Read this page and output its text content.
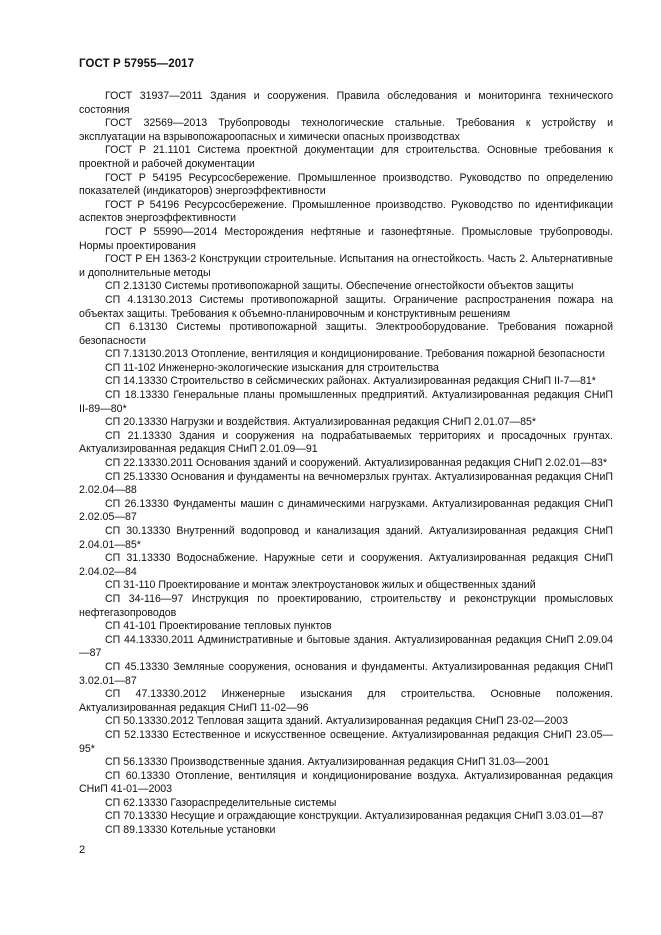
ГОСТ Р 57955—2017

ГОСТ 31937—2011 Здания и сооружения. Правила обследования и мониторинга технического состояния

ГОСТ 32569—2013 Трубопроводы технологические стальные. Требования к устройству и эксплуатации на взрывопожароопасных и химически опасных производствах

ГОСТ Р 21.1101 Система проектной документации для строительства. Основные требования к проектной и рабочей документации

ГОСТ Р 54195 Ресурсосбережение. Промышленное производство. Руководство по определению показателей (индикаторов) энергоэффективности

ГОСТ Р 54196 Ресурсосбережение. Промышленное производство. Руководство по идентификации аспектов энергоэффективности

ГОСТ Р 55990—2014 Месторождения нефтяные и газонефтяные. Промысловые трубопроводы. Нормы проектирования

ГОСТ Р ЕН 1363-2 Конструкции строительные. Испытания на огнестойкость. Часть 2. Альтернативные и дополнительные методы

СП 2.13130 Системы противопожарной защиты. Обеспечение огнестойкости объектов защиты

СП 4.13130.2013 Системы противопожарной защиты. Ограничение распространения пожара на объектах защиты. Требования к объемно-планировочным и конструктивным решениям

СП 6.13130 Системы противопожарной защиты. Электрооборудование. Требования пожарной безопасности

СП 7.13130.2013 Отопление, вентиляция и кондиционирование. Требования пожарной безопасности

СП 11-102 Инженерно-экологические изыскания для строительства

СП 14.13330 Строительство в сейсмических районах. Актуализированная редакция СНиП II-7—81*

СП 18.13330 Генеральные планы промышленных предприятий. Актуализированная редакция СНиП II-89—80*

СП 20.13330 Нагрузки и воздействия. Актуализированная редакция СНиП 2.01.07—85*

СП 21.13330 Здания и сооружения на подрабатываемых территориях и просадочных грунтах. Актуализированная редакция СНиП 2.01.09—91

СП 22.13330.2011 Основания зданий и сооружений. Актуализированная редакция СНиП 2.02.01—83*

СП 25.13330 Основания и фундаменты на вечномерзлых грунтах. Актуализированная редакция СНиП 2.02.04—88

СП 26.13330 Фундаменты машин с динамическими нагрузками. Актуализированная редакция СНиП 2.02.05—87

СП 30.13330 Внутренний водопровод и канализация зданий. Актуализированная редакция СНиП 2.04.01—85*

СП 31.13330 Водоснабжение. Наружные сети и сооружения. Актуализированная редакция СНиП 2.04.02—84

СП 31-110 Проектирование и монтаж электроустановок жилых и общественных зданий

СП 34-116—97 Инструкция по проектированию, строительству и реконструкции промысловых нефтегазопроводов

СП 41-101 Проектирование тепловых пунктов

СП 44.13330.2011 Административные и бытовые здания. Актуализированная редакция СНиП 2.09.04—87

СП 45.13330 Земляные сооружения, основания и фундаменты. Актуализированная редакция СНиП 3.02.01—87

СП 47.13330.2012 Инженерные изыскания для строительства. Основные положения. Актуализированная редакция СНиП 11-02—96

СП 50.13330.2012 Тепловая защита зданий. Актуализированная редакция СНиП 23-02—2003

СП 52.13330 Естественное и искусственное освещение. Актуализированная редакция СНиП 23.05—95*

СП 56.13330 Производственные здания. Актуализированная редакция СНиП 31.03—2001

СП 60.13330 Отопление, вентиляция и кондиционирование воздуха. Актуализированная редакция СНиП 41-01—2003

СП 62.13330 Газораспределительные системы

СП 70.13330 Несущие и ограждающие конструкции. Актуализированная редакция СНиП 3.03.01—87

СП 89.13330 Котельные установки

2
